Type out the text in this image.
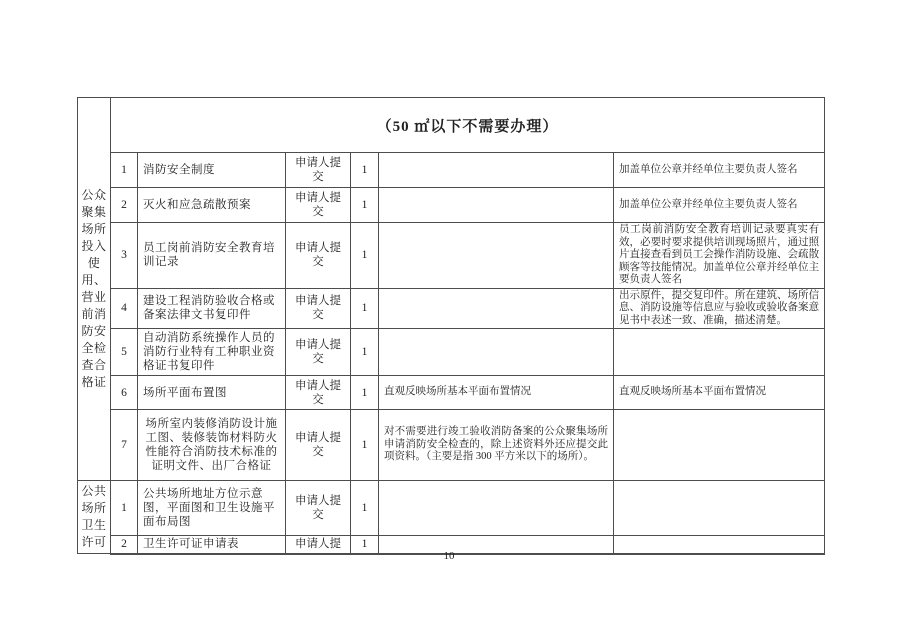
公众聚集场所投入使用、营业前消防安全检查合格证	（50 ㎡以下不需要办理）					
	1	消防安全制度	申请人提交	1		加盖单位公章并经单位主要负责人签名
	2	灭火和应急疏散预案	申请人提交	1		加盖单位公章并经单位主要负责人签名
	3	员工岗前消防安全教育培训记录	申请人提交	1		员工岗前消防安全教育培训记录要真实有效，必要时要求提供培训现场照片，通过照片直接查看到员工会操作消防设施、会疏散顾客等技能情况。加盖单位公章并经单位主要负责人签名
	4	建设工程消防验收合格或备案法律文书复印件	申请人提交	1		出示原件，提交复印件。所在建筑、场所信息、消防设施等信息应与验收或验收备案意见书中表述一致、准确，描述清楚。
	5	自动消防系统操作人员的消防行业特有工种职业资格证书复印件	申请人提交	1		
	6	场所平面布置图	申请人提交	1	直观反映场所基本平面布置情况	直观反映场所基本平面布置情况
	7	场所室内装修消防设计施工图、装修装饰材料防火性能符合消防技术标准的证明文件、出厂合格证	申请人提交	1	对不需要进行竣工验收消防备案的公众聚集场所申请消防安全检查的，除上述资料外还应提交此项资料。（主要是指 300 平方米以下的场所）。	
公共场所卫生许可	1	公共场所地址方位示意图，平面图和卫生设施平面布局图	申请人提交	1		
	2	卫生许可证申请表	申请人提	1		
10
